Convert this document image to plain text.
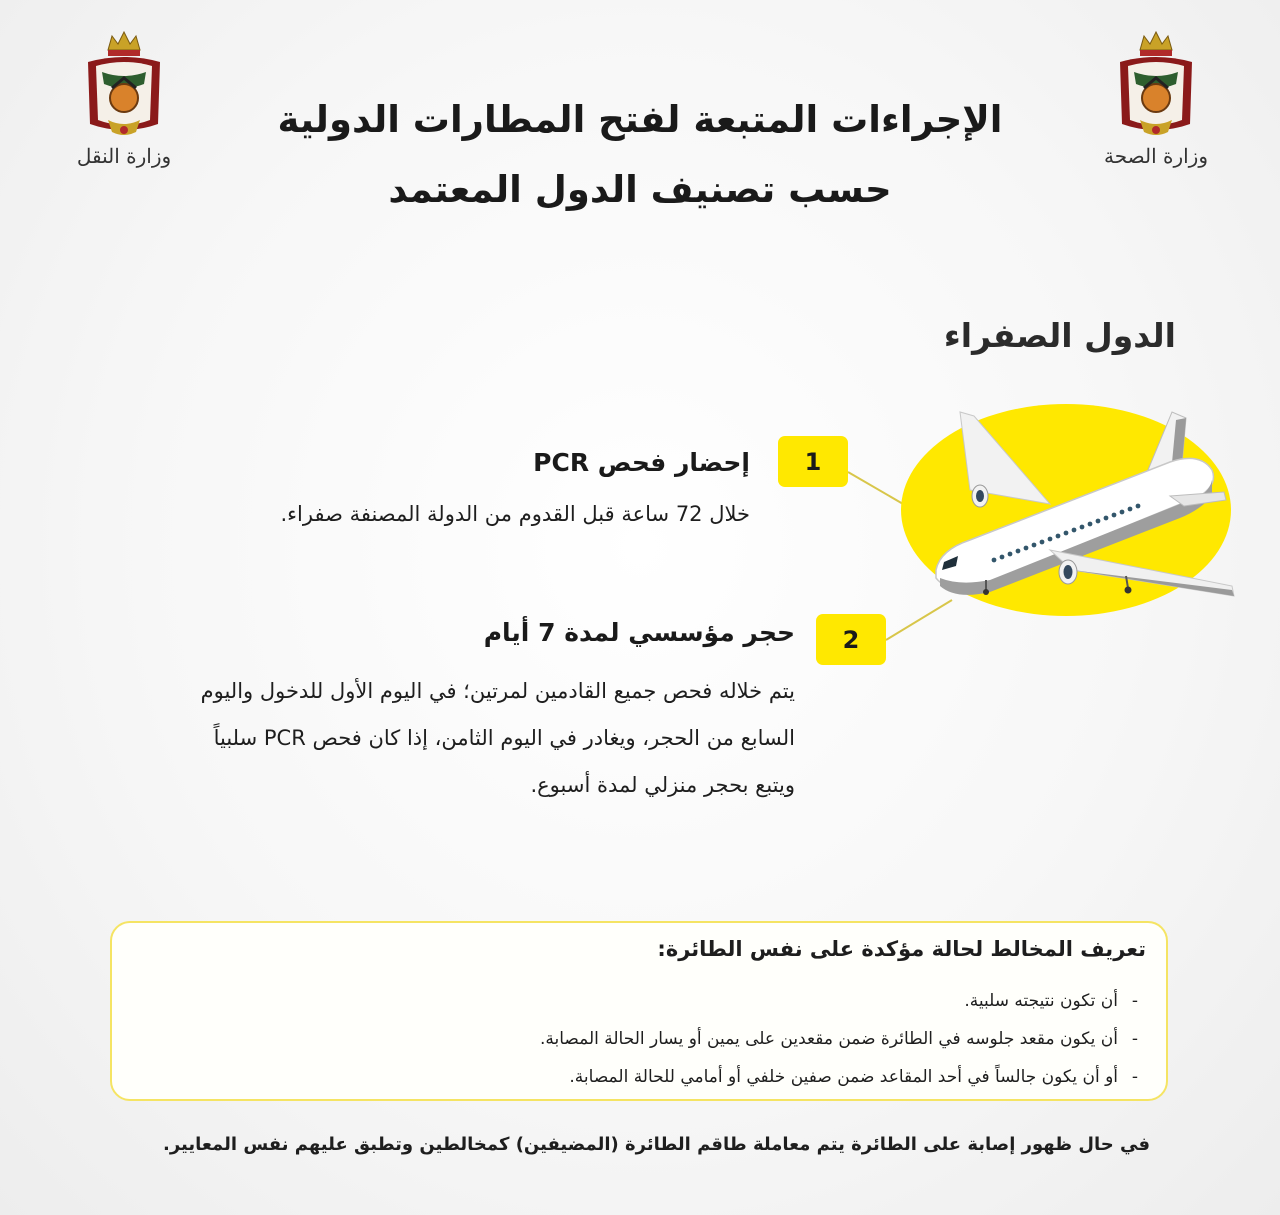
وزارة الصحة
وزارة النقل
الإجراءات المتبعة لفتح المطارات الدولية
حسب تصنيف الدول المعتمد
الدول الصفراء
1
2
إحضار فحص PCR
خلال 72 ساعة قبل القدوم من الدولة المصنفة صفراء.
حجر مؤسسي لمدة 7 أيام
يتم خلاله فحص جميع القادمين لمرتين؛ في اليوم الأول للدخول واليوم
السابع من الحجر، ويغادر في اليوم الثامن، إذا كان فحص PCR سلبياً
ويتبع بحجر منزلي لمدة أسبوع.
تعريف المخالط لحالة مؤكدة على نفس الطائرة:
-
أن تكون نتيجته سلبية.
-
أن يكون مقعد جلوسه في الطائرة ضمن مقعدين على يمين أو يسار الحالة المصابة.
-
أو أن يكون جالساً في أحد المقاعد ضمن صفين خلفي أو أمامي للحالة المصابة.
في حال ظهور إصابة على الطائرة يتم معاملة طاقم الطائرة (المضيفين) كمخالطين وتطبق عليهم نفس المعايير.
